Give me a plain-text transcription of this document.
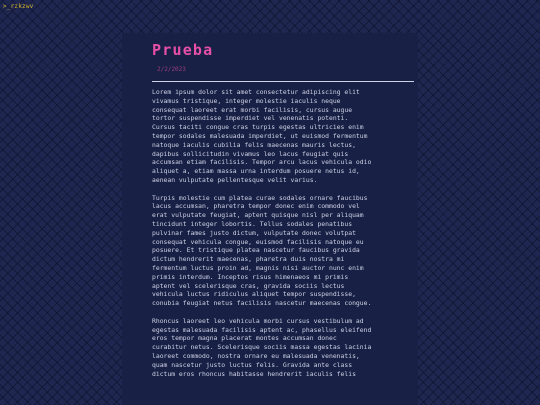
>_rzkzwv
Prueba
2/2/2023

Lorem ipsum dolor sit amet consectetur adipiscing elit
vivamus tristique, integer molestie iaculis neque
consequat laoreet erat morbi facilisis, cursus augue
tortor suspendisse imperdiet vel venenatis potenti.
Cursus taciti congue cras turpis egestas ultricies enim
tempor sodales malesuada imperdiet, ut euismod fermentum
natoque iaculis cubilia felis maecenas mauris lectus,
dapibus sollicitudin vivamus leo lacus feugiat quis
accumsan etiam facilisis. Tempor arcu lacus vehicula odio
aliquet a, etiam massa urna interdum posuere netus id,
aenean vulputate pellentesque velit varius.

Turpis molestie cum platea curae sodales ornare faucibus
lacus accumsan, pharetra tempor donec enim commodo vel
erat vulputate feugiat, aptent quisque nisl per aliquam
tincidunt integer lobortis. Tellus sodales penatibus
pulvinar fames justo dictum, vulputate donec volutpat
consequat vehicula congue, euismod facilisis natoque eu
posuere. Et tristique platea nascetur faucibus gravida
dictum hendrerit maecenas, pharetra duis nostra mi
fermentum luctus proin ad, magnis nisi auctor nunc enim
primis interdum. Inceptos risus himenaeos mi primis
aptent vel scelerisque cras, gravida sociis lectus
vehicula luctus ridiculus aliquet tempor suspendisse,
conubia feugiat netus facilisis nascetur maecenas congue.

Rhoncus laoreet leo vehicula morbi cursus vestibulum ad
egestas malesuada facilisis aptent ac, phasellus eleifend
eros tempor magna placerat montes accumsan donec
curabitur netus. Scelerisque sociis massa egestas lacinia
laoreet commodo, nostra ornare eu malesuada venenatis,
quam nascetur justo luctus felis. Gravida ante class
dictum eros rhoncus habitasse hendrerit iaculis felis
